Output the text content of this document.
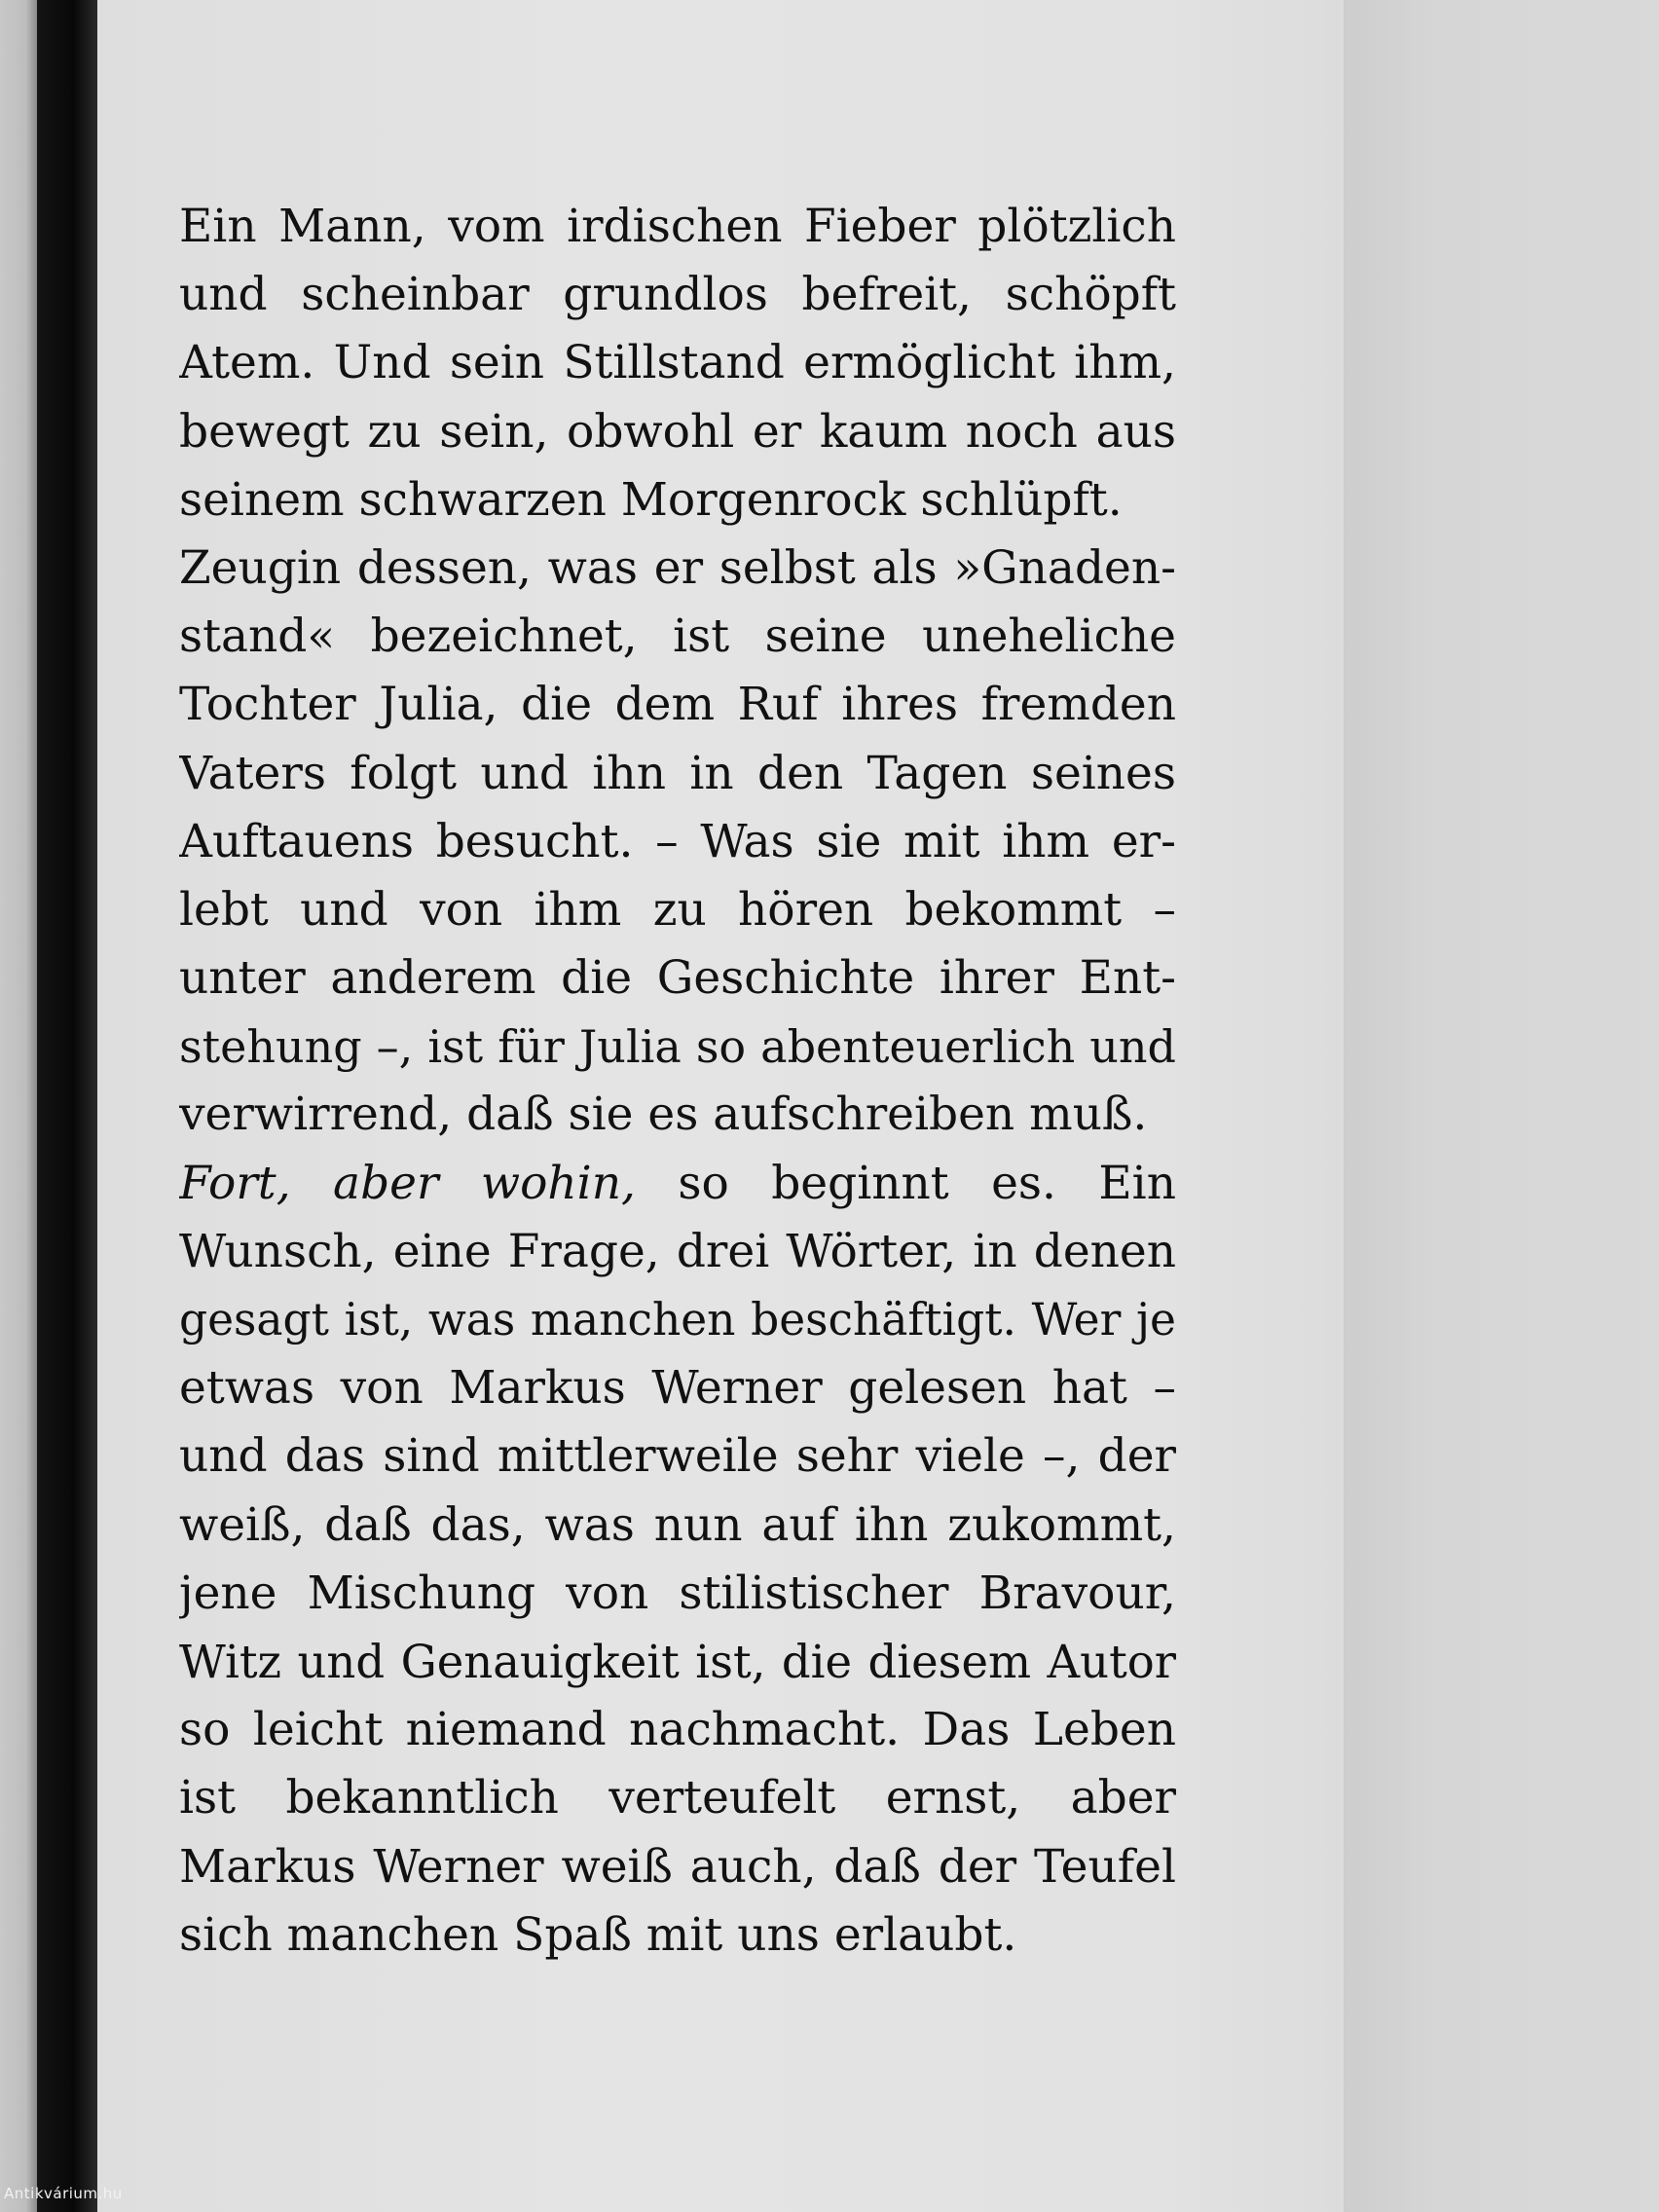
Ein Mann, vom irdischen Fieber plötzlich
und scheinbar grundlos befreit, schöpft
Atem. Und sein Stillstand ermöglicht ihm,
bewegt zu sein, obwohl er kaum noch aus
seinem schwarzen Morgenrock schlüpft.
Zeugin dessen, was er selbst als »Gnaden-
stand« bezeichnet, ist seine uneheliche
Tochter Julia, die dem Ruf ihres fremden
Vaters folgt und ihn in den Tagen seines
Auftauens besucht. – Was sie mit ihm er-
lebt und von ihm zu hören bekommt –
unter anderem die Geschichte ihrer Ent-
stehung –, ist für Julia so abenteuerlich und
verwirrend, daß sie es aufschreiben muß.
Fort, aber wohin, so beginnt es. Ein
Wunsch, eine Frage, drei Wörter, in denen
gesagt ist, was manchen beschäftigt. Wer je
etwas von Markus Werner gelesen hat –
und das sind mittlerweile sehr viele –, der
weiß, daß das, was nun auf ihn zukommt,
jene Mischung von stilistischer Bravour,
Witz und Genauigkeit ist, die diesem Autor
so leicht niemand nachmacht. Das Leben
ist bekanntlich verteufelt ernst, aber
Markus Werner weiß auch, daß der Teufel
sich manchen Spaß mit uns erlaubt.
Antikvárium.hu
